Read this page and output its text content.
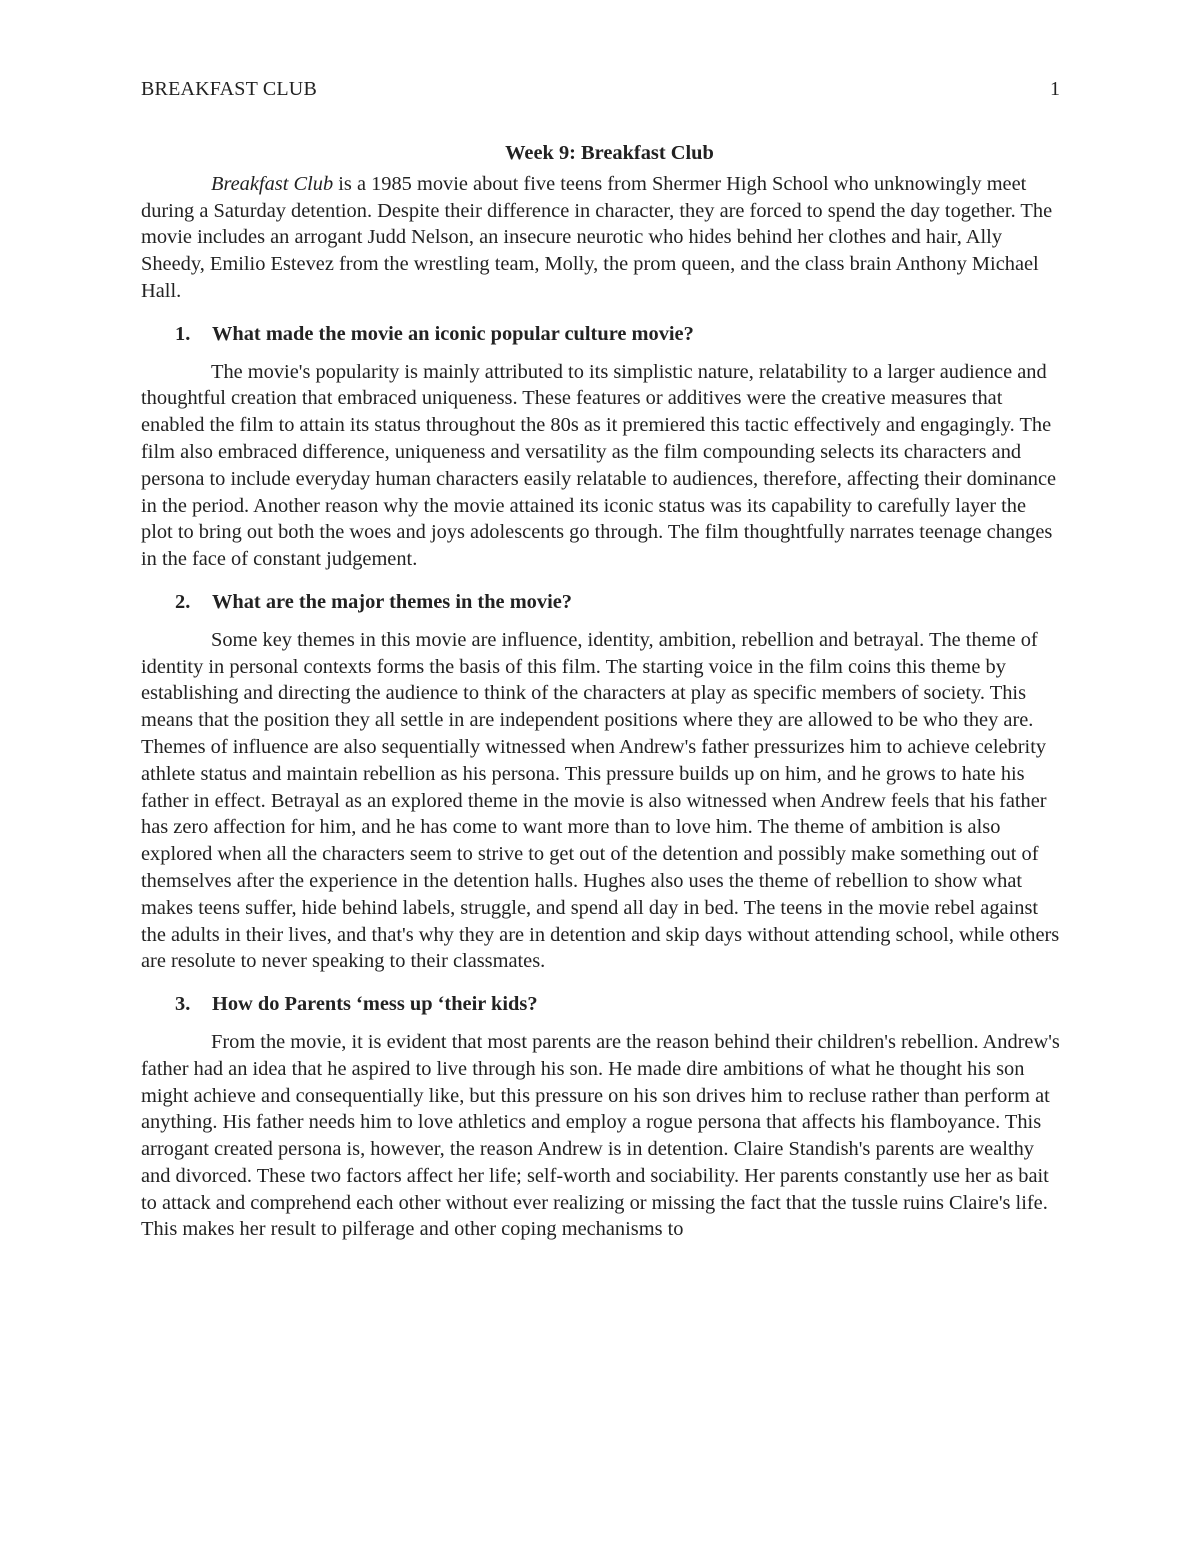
BREAKFAST CLUB	1

Week 9: Breakfast Club

Breakfast Club is a 1985 movie about five teens from Shermer High School who unknowingly meet during a Saturday detention. Despite their difference in character, they are forced to spend the day together. The movie includes an arrogant Judd Nelson, an insecure neurotic who hides behind her clothes and hair, Ally Sheedy, Emilio Estevez from the wrestling team, Molly, the prom queen, and the class brain Anthony Michael Hall.

1. What made the movie an iconic popular culture movie?

The movie's popularity is mainly attributed to its simplistic nature, relatability to a larger audience and thoughtful creation that embraced uniqueness. These features or additives were the creative measures that enabled the film to attain its status throughout the 80s as it premiered this tactic effectively and engagingly. The film also embraced difference, uniqueness and versatility as the film compounding selects its characters and persona to include everyday human characters easily relatable to audiences, therefore, affecting their dominance in the period. Another reason why the movie attained its iconic status was its capability to carefully layer the plot to bring out both the woes and joys adolescents go through. The film thoughtfully narrates teenage changes in the face of constant judgement.

2. What are the major themes in the movie?

Some key themes in this movie are influence, identity, ambition, rebellion and betrayal. The theme of identity in personal contexts forms the basis of this film. The starting voice in the film coins this theme by establishing and directing the audience to think of the characters at play as specific members of society. This means that the position they all settle in are independent positions where they are allowed to be who they are. Themes of influence are also sequentially witnessed when Andrew's father pressurizes him to achieve celebrity athlete status and maintain rebellion as his persona. This pressure builds up on him, and he grows to hate his father in effect. Betrayal as an explored theme in the movie is also witnessed when Andrew feels that his father has zero affection for him, and he has come to want more than to love him. The theme of ambition is also explored when all the characters seem to strive to get out of the detention and possibly make something out of themselves after the experience in the detention halls. Hughes also uses the theme of rebellion to show what makes teens suffer, hide behind labels, struggle, and spend all day in bed. The teens in the movie rebel against the adults in their lives, and that's why they are in detention and skip days without attending school, while others are resolute to never speaking to their classmates.

3. How do Parents ‘mess up ‘their kids?

From the movie, it is evident that most parents are the reason behind their children's rebellion. Andrew's father had an idea that he aspired to live through his son. He made dire ambitions of what he thought his son might achieve and consequentially like, but this pressure on his son drives him to recluse rather than perform at anything. His father needs him to love athletics and employ a rogue persona that affects his flamboyance. This arrogant created persona is, however, the reason Andrew is in detention. Claire Standish's parents are wealthy and divorced. These two factors affect her life; self-worth and sociability. Her parents constantly use her as bait to attack and comprehend each other without ever realizing or missing the fact that the tussle ruins Claire's life. This makes her result to pilferage and other coping mechanisms to
